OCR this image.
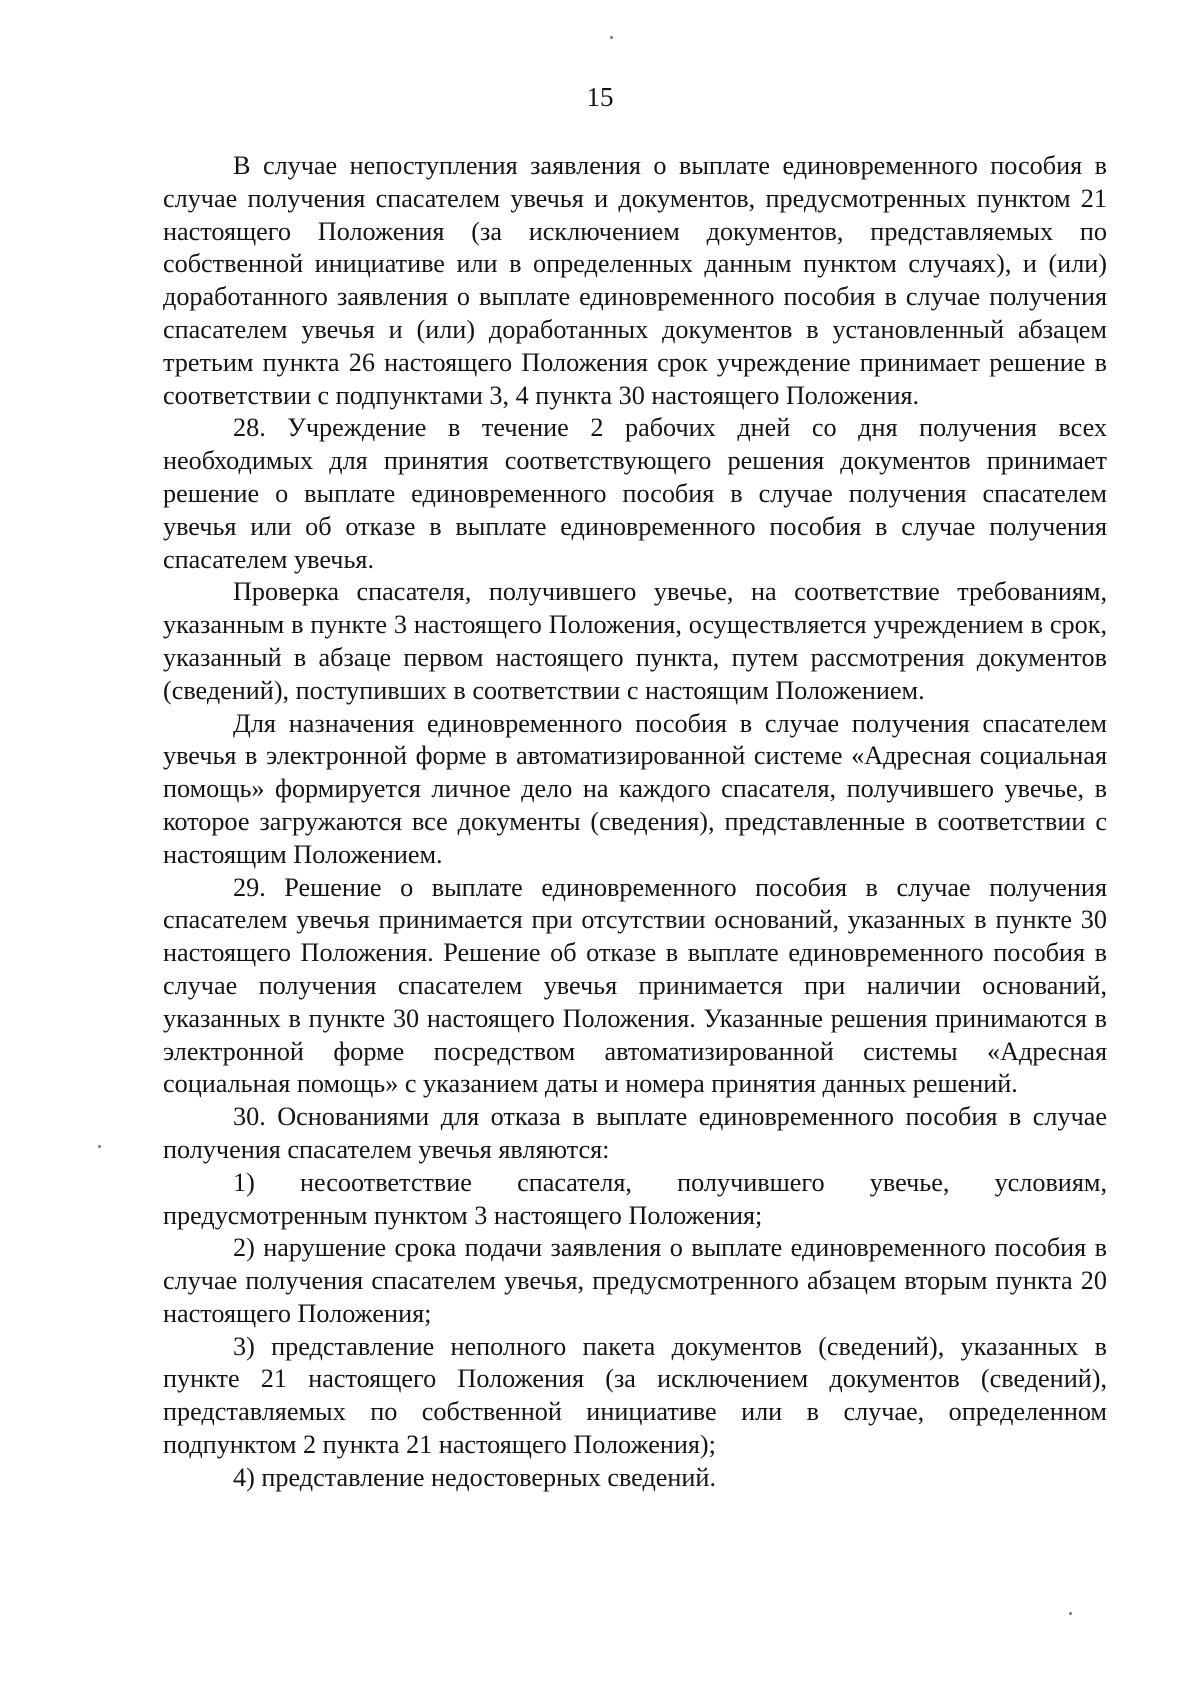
15

В случае непоступления заявления о выплате единовременного пособия в случае получения спасателем увечья и документов, предусмотренных пунктом 21 настоящего Положения (за исключением документов, представляемых по собственной инициативе или в определенных данным пунктом случаях), и (или) доработанного заявления о выплате единовременного пособия в случае получения спасателем увечья и (или) доработанных документов в установленный абзацем третьим пункта 26 настоящего Положения срок учреждение принимает решение в соответствии с подпунктами 3, 4 пункта 30 настоящего Положения.

28. Учреждение в течение 2 рабочих дней со дня получения всех необходимых для принятия соответствующего решения документов принимает решение о выплате единовременного пособия в случае получения спасателем увечья или об отказе в выплате единовременного пособия в случае получения спасателем увечья.

Проверка спасателя, получившего увечье, на соответствие требованиям, указанным в пункте 3 настоящего Положения, осуществляется учреждением в срок, указанный в абзаце первом настоящего пункта, путем рассмотрения документов (сведений), поступивших в соответствии с настоящим Положением.

Для назначения единовременного пособия в случае получения спасателем увечья в электронной форме в автоматизированной системе «Адресная социальная помощь» формируется личное дело на каждого спасателя, получившего увечье, в которое загружаются все документы (сведения), представленные в соответствии с настоящим Положением.

29. Решение о выплате единовременного пособия в случае получения спасателем увечья принимается при отсутствии оснований, указанных в пункте 30 настоящего Положения. Решение об отказе в выплате единовременного пособия в случае получения спасателем увечья принимается при наличии оснований, указанных в пункте 30 настоящего Положения. Указанные решения принимаются в электронной форме посредством автоматизированной системы «Адресная социальная помощь» с указанием даты и номера принятия данных решений.

30. Основаниями для отказа в выплате единовременного пособия в случае получения спасателем увечья являются:

1) несоответствие спасателя, получившего увечье, условиям, предусмотренным пунктом 3 настоящего Положения;

2) нарушение срока подачи заявления о выплате единовременного пособия в случае получения спасателем увечья, предусмотренного абзацем вторым пункта 20 настоящего Положения;

3) представление неполного пакета документов (сведений), указанных в пункте 21 настоящего Положения (за исключением документов (сведений), представляемых по собственной инициативе или в случае, определенном подпунктом 2 пункта 21 настоящего Положения);

4) представление недостоверных сведений.
